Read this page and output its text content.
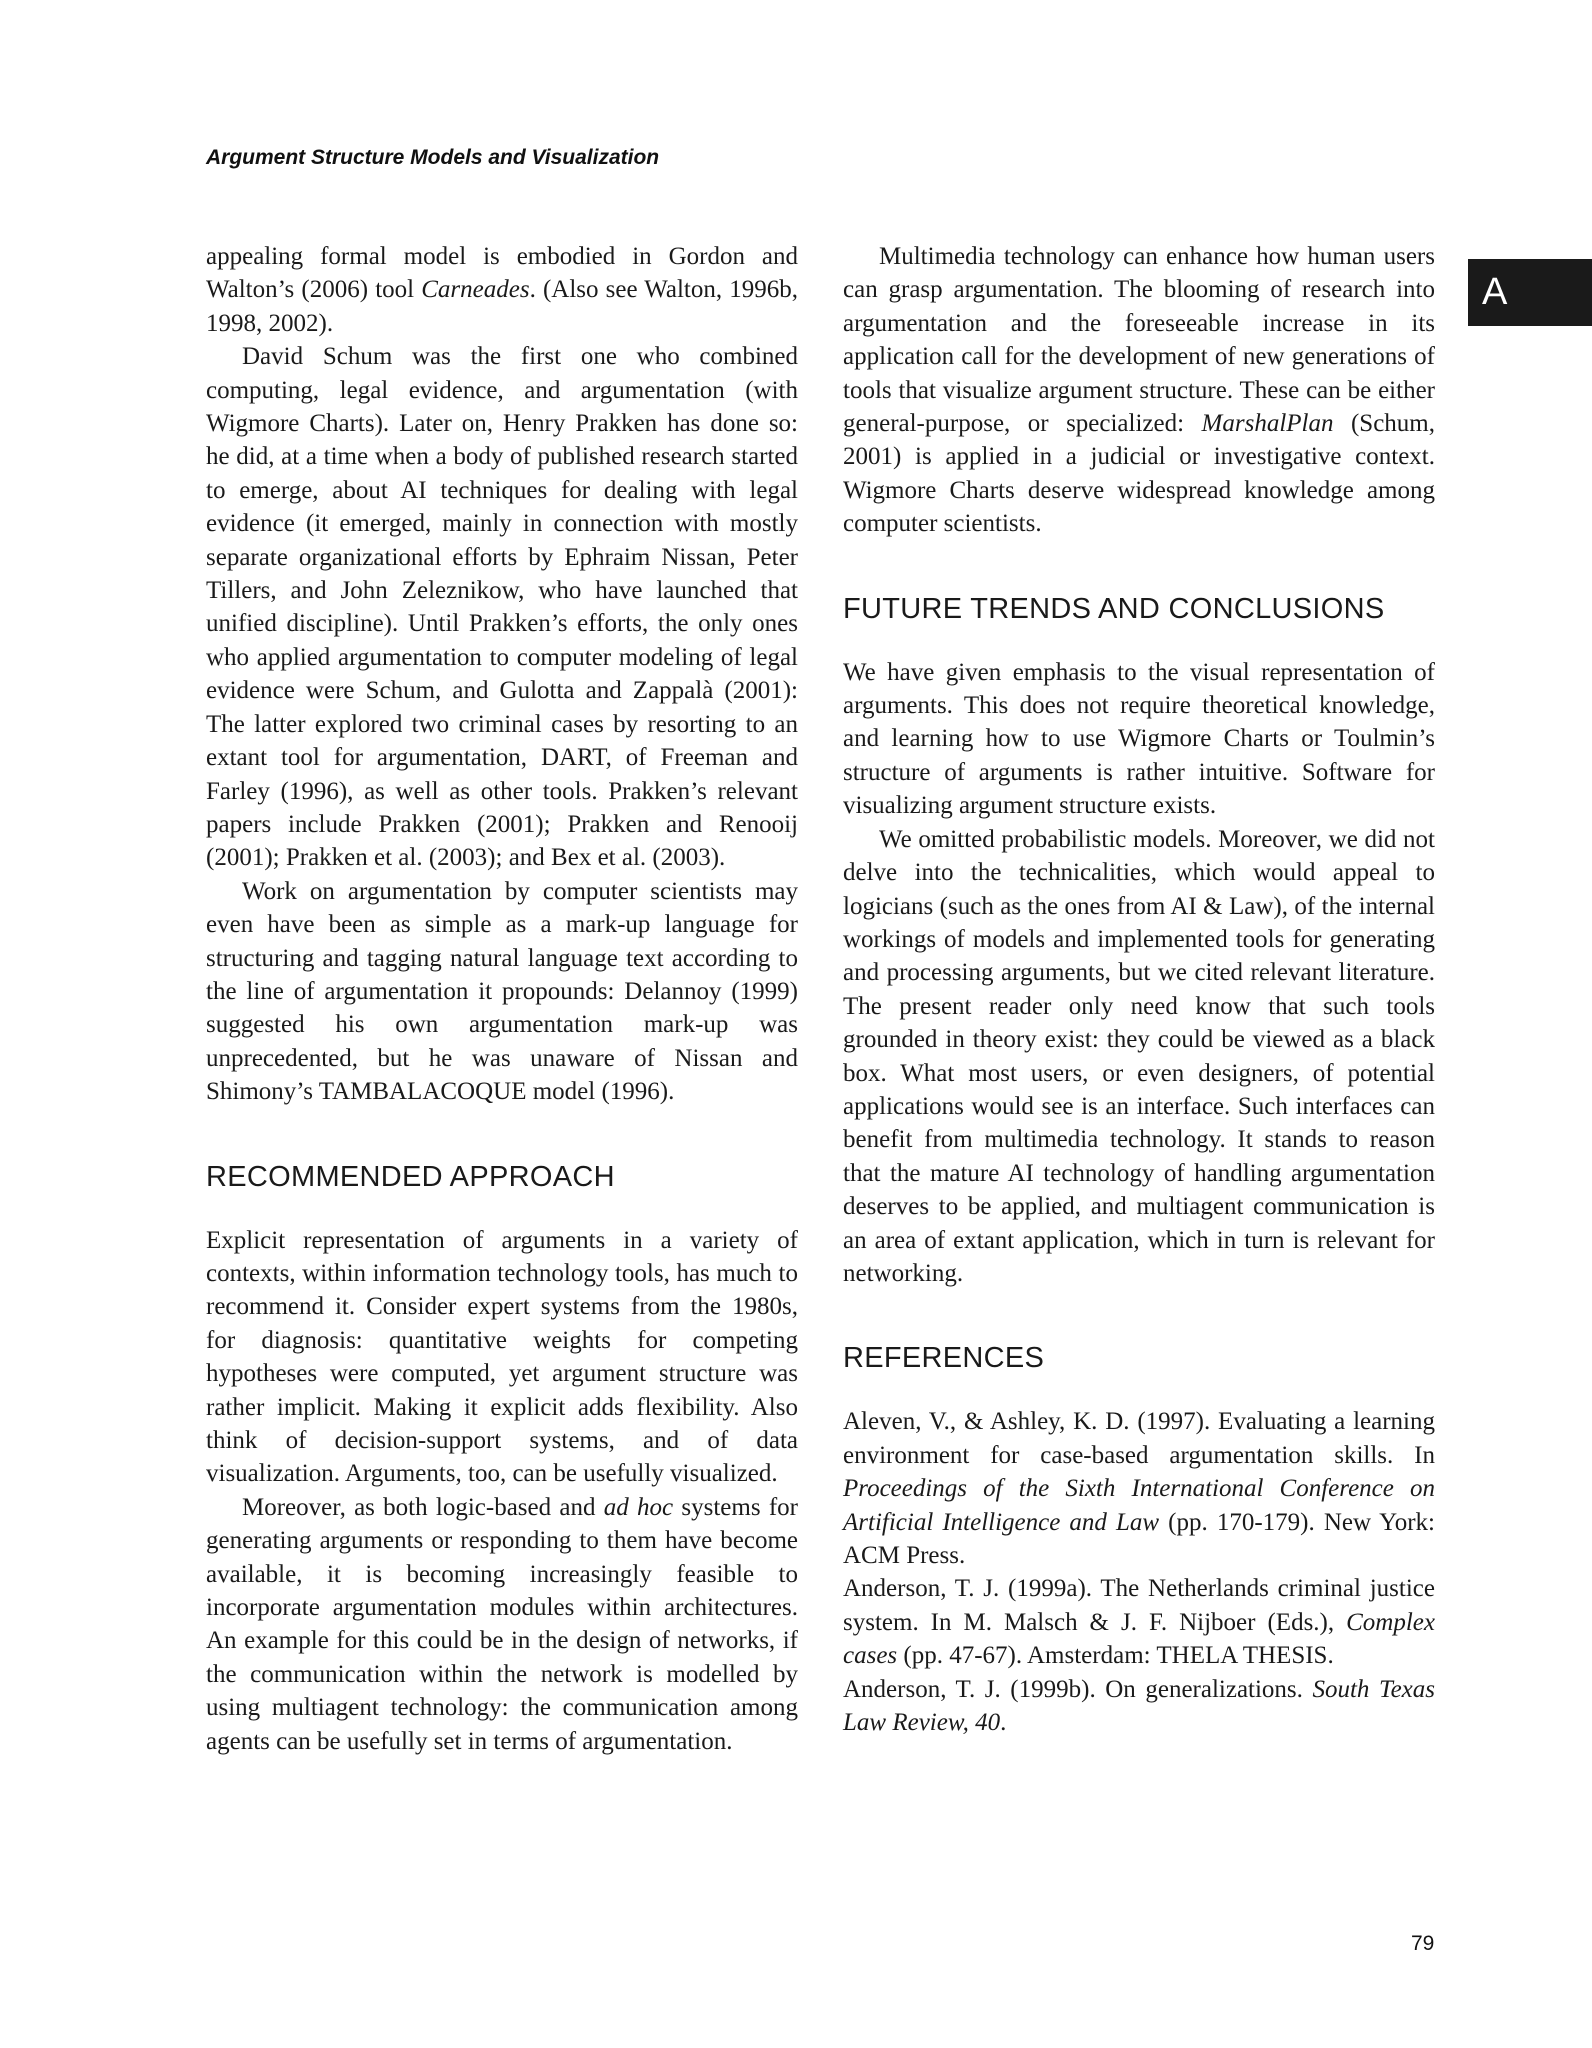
Argument Structure Models and Visualization
A

appealing formal model is embodied in Gordon and Walton’s (2006) tool Carneades. (Also see Walton, 1996b, 1998, 2002).

David Schum was the first one who combined computing, legal evidence, and argumentation (with Wigmore Charts). Later on, Henry Prakken has done so: he did, at a time when a body of published research started to emerge, about AI techniques for dealing with legal evidence (it emerged, mainly in connection with mostly separate organizational efforts by Ephraim Nissan, Peter Tillers, and John Zeleznikow, who have launched that unified discipline). Until Prakken’s efforts, the only ones who applied argumentation to computer modeling of legal evidence were Schum, and Gulotta and Zappalà (2001): The latter explored two criminal cases by resorting to an extant tool for argumentation, DART, of Freeman and Farley (1996), as well as other tools. Prakken’s relevant papers include Prakken (2001); Prakken and Renooij (2001); Prakken et al. (2003); and Bex et al. (2003).

Work on argumentation by computer scientists may even have been as simple as a mark-up language for structuring and tagging natural language text according to the line of argumentation it propounds: Delannoy (1999) suggested his own argumentation mark-up was unprecedented, but he was unaware of Nissan and Shimony’s TAMBALACOQUE model (1996).

RECOMMENDED APPROACH

Explicit representation of arguments in a variety of contexts, within information technology tools, has much to recommend it. Consider expert systems from the 1980s, for diagnosis: quantitative weights for competing hypotheses were computed, yet argument structure was rather implicit. Making it explicit adds flexibility. Also think of decision-support systems, and of data visualization. Arguments, too, can be usefully visualized.

Moreover, as both logic-based and ad hoc systems for generating arguments or responding to them have become available, it is becoming increasingly feasible to incorporate argumentation modules within architectures. An example for this could be in the design of networks, if the communication within the network is modelled by using multiagent technology: the communication among agents can be usefully set in terms of argumentation.

Multimedia technology can enhance how human users can grasp argumentation. The blooming of research into argumentation and the foreseeable increase in its application call for the development of new generations of tools that visualize argument structure. These can be either general-purpose, or specialized: MarshalPlan (Schum, 2001) is applied in a judicial or investigative context. Wigmore Charts deserve widespread knowledge among computer scientists.

FUTURE TRENDS AND CONCLUSIONS

We have given emphasis to the visual representation of arguments. This does not require theoretical knowledge, and learning how to use Wigmore Charts or Toulmin’s structure of arguments is rather intuitive. Software for visualizing argument structure exists.

We omitted probabilistic models. Moreover, we did not delve into the technicalities, which would appeal to logicians (such as the ones from AI & Law), of the internal workings of models and implemented tools for generating and processing arguments, but we cited relevant literature. The present reader only need know that such tools grounded in theory exist: they could be viewed as a black box. What most users, or even designers, of potential applications would see is an interface. Such interfaces can benefit from multimedia technology. It stands to reason that the mature AI technology of handling argumentation deserves to be applied, and multiagent communication is an area of extant application, which in turn is relevant for networking.

REFERENCES

Aleven, V., & Ashley, K. D. (1997). Evaluating a learning environment for case-based argumentation skills. In Proceedings of the Sixth International Conference on Artificial Intelligence and Law (pp. 170-179). New York: ACM Press.

Anderson, T. J. (1999a). The Netherlands criminal justice system. In M. Malsch & J. F. Nijboer (Eds.), Complex cases (pp. 47-67). Amsterdam: THELA THESIS.

Anderson, T. J. (1999b). On generalizations. South Texas Law Review, 40.

79
